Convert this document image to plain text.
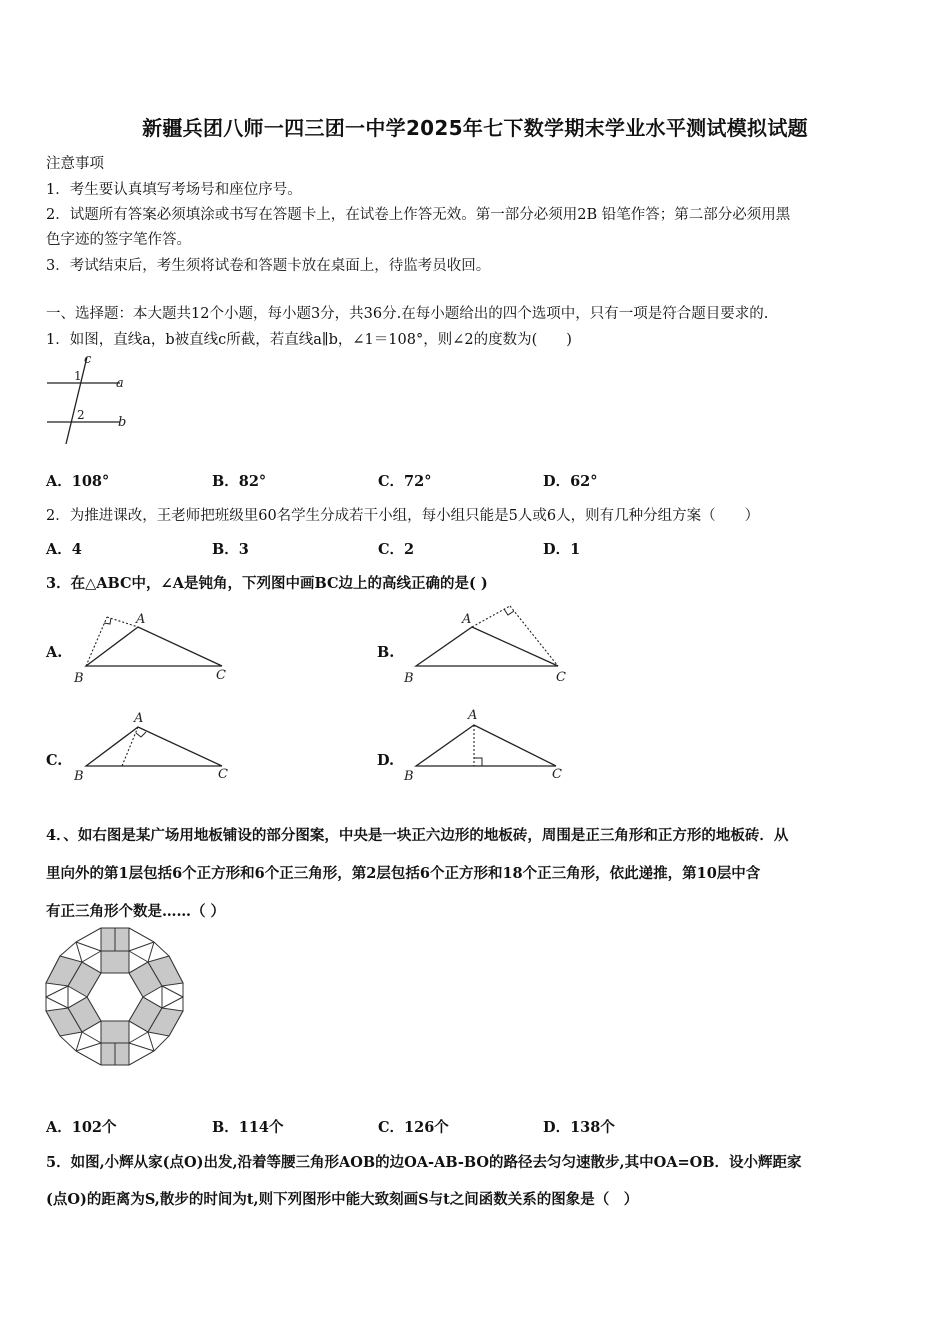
新疆兵团八师一四三团一中学2025年七下数学期末学业水平测试模拟试题
注意事项
1．考生要认真填写考场号和座位序号。
2．试题所有答案必须填涂或书写在答题卡上，在试卷上作答无效。第一部分必须用2B 铅笔作答；第二部分必须用黑
色字迹的签字笔作答。
3．考试结束后，考生须将试卷和答题卡放在桌面上，待监考员收回。
一、选择题：本大题共12个小题，每小题3分，共36分.在每小题给出的四个选项中，只有一项是符合题目要求的.
1．如图，直线a，b被直线c所截，若直线a∥b，∠1＝108°，则∠2的度数为(　　)
c
a
b
1
2
A．108°	B．82°	C．72°	D．62°
2．为推进课改，王老师把班级里60名学生分成若干小组，每小组只能是5人或6人，则有几种分组方案（　　）
A．4	B．3	C．2	D．1
3．在△ABC中，∠A是钝角，下列图中画BC边上的高线正确的是( )
A.
A
B	C
B.
A
B	C
C.
A
B	C
D.
A
B	C
4．、如右图是某广场用地板铺设的部分图案，中央是一块正六边形的地板砖，周围是正三角形和正方形的地板砖．从
里向外的第1层包括6个正方形和6个正三角形，第2层包括6个正方形和18个正三角形，依此递推，第10层中含
有正三角形个数是……（ ）
A．102个	B．114个	C．126个	D．138个
5．如图,小辉从家(点O)出发,沿着等腰三角形AOB的边OA-AB-BO的路径去匀匀速散步,其中OA=OB．设小辉距家
(点O)的距离为S,散步的时间为t,则下列图形中能大致刻画S与t之间函数关系的图象是（　）
